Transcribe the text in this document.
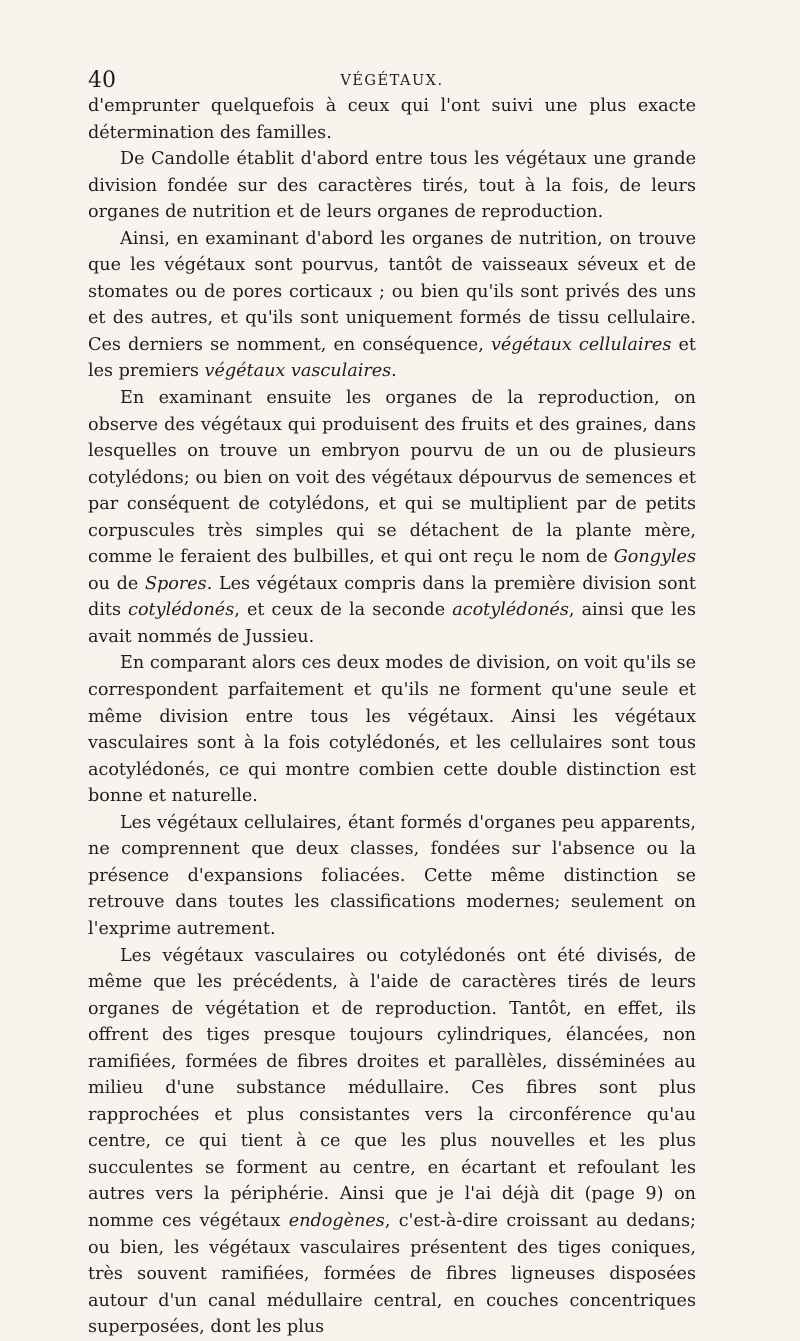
40	VÉGÉTAUX.

d'emprunter quelquefois à ceux qui l'ont suivi une plus exacte détermination des familles.

De Candolle établit d'abord entre tous les végétaux une grande division fondée sur des caractères tirés, tout à la fois, de leurs organes de nutrition et de leurs organes de reproduction.

Ainsi, en examinant d'abord les organes de nutrition, on trouve que les végétaux sont pourvus, tantôt de vaisseaux séveux et de stomates ou de pores corticaux ; ou bien qu'ils sont privés des uns et des autres, et qu'ils sont uniquement formés de tissu cellulaire. Ces derniers se nomment, en conséquence, végétaux cellulaires et les premiers végétaux vasculaires.

En examinant ensuite les organes de la reproduction, on observe des végétaux qui produisent des fruits et des graines, dans lesquelles on trouve un embryon pourvu de un ou de plusieurs cotylédons; ou bien on voit des végétaux dépourvus de semences et par conséquent de cotylédons, et qui se multiplient par de petits corpuscules très simples qui se détachent de la plante mère, comme le feraient des bulbilles, et qui ont reçu le nom de Gongyles ou de Spores. Les végétaux compris dans la première division sont dits cotylédonés, et ceux de la seconde acotylédonés, ainsi que les avait nommés de Jussieu.

En comparant alors ces deux modes de division, on voit qu'ils se correspondent parfaitement et qu'ils ne forment qu'une seule et même division entre tous les végétaux. Ainsi les végétaux vasculaires sont à la fois cotylédonés, et les cellulaires sont tous acotylédonés, ce qui montre combien cette double distinction est bonne et naturelle.

Les végétaux cellulaires, étant formés d'organes peu apparents, ne comprennent que deux classes, fondées sur l'absence ou la présence d'expansions foliacées. Cette même distinction se retrouve dans toutes les classifications modernes; seulement on l'exprime autrement.

Les végétaux vasculaires ou cotylédonés ont été divisés, de même que les précédents, à l'aide de caractères tirés de leurs organes de végétation et de reproduction. Tantôt, en effet, ils offrent des tiges presque toujours cylindriques, élancées, non ramifiées, formées de fibres droites et parallèles, disséminées au milieu d'une substance médullaire. Ces fibres sont plus rapprochées et plus consistantes vers la circonférence qu'au centre, ce qui tient à ce que les plus nouvelles et les plus succulentes se forment au centre, en écartant et refoulant les autres vers la périphérie. Ainsi que je l'ai déjà dit (page 9) on nomme ces végétaux endogènes, c'est-à-dire croissant au dedans; ou bien, les végétaux vasculaires présentent des tiges coniques, très souvent ramifiées, formées de fibres ligneuses disposées autour d'un canal médullaire central, en couches concentriques superposées, dont les plus
